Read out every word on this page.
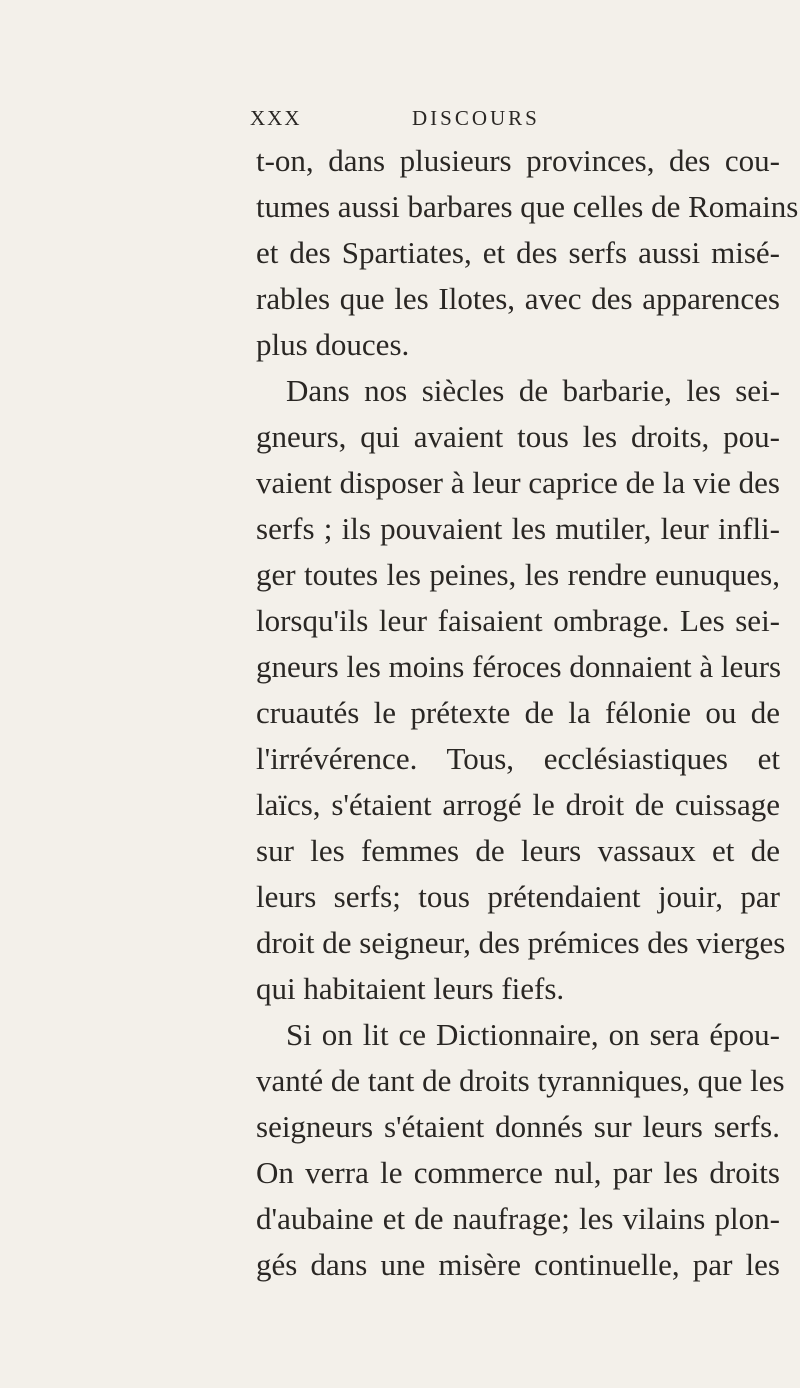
XXX	DISCOURS
t-on, dans plusieurs provinces, des cou-
tumes aussi barbares que celles de Romains
et des Spartiates, et des serfs aussi misé-
rables que les Ilotes, avec des apparences
plus douces.
Dans nos siècles de barbarie, les sei-
gneurs, qui avaient tous les droits, pou-
vaient disposer à leur caprice de la vie des
serfs ; ils pouvaient les mutiler, leur infli-
ger toutes les peines, les rendre eunuques,
lorsqu'ils leur faisaient ombrage. Les sei-
gneurs les moins féroces donnaient à leurs
cruautés le prétexte de la félonie ou de
l'irrévérence. Tous, ecclésiastiques et
laïcs, s'étaient arrogé le droit de cuissage
sur les femmes de leurs vassaux et de
leurs serfs; tous prétendaient jouir, par
droit de seigneur, des prémices des vierges
qui habitaient leurs fiefs.
Si on lit ce Dictionnaire, on sera épou-
vanté de tant de droits tyranniques, que les
seigneurs s'étaient donnés sur leurs serfs.
On verra le commerce nul, par les droits
d'aubaine et de naufrage; les vilains plon-
gés dans une misère continuelle, par les
